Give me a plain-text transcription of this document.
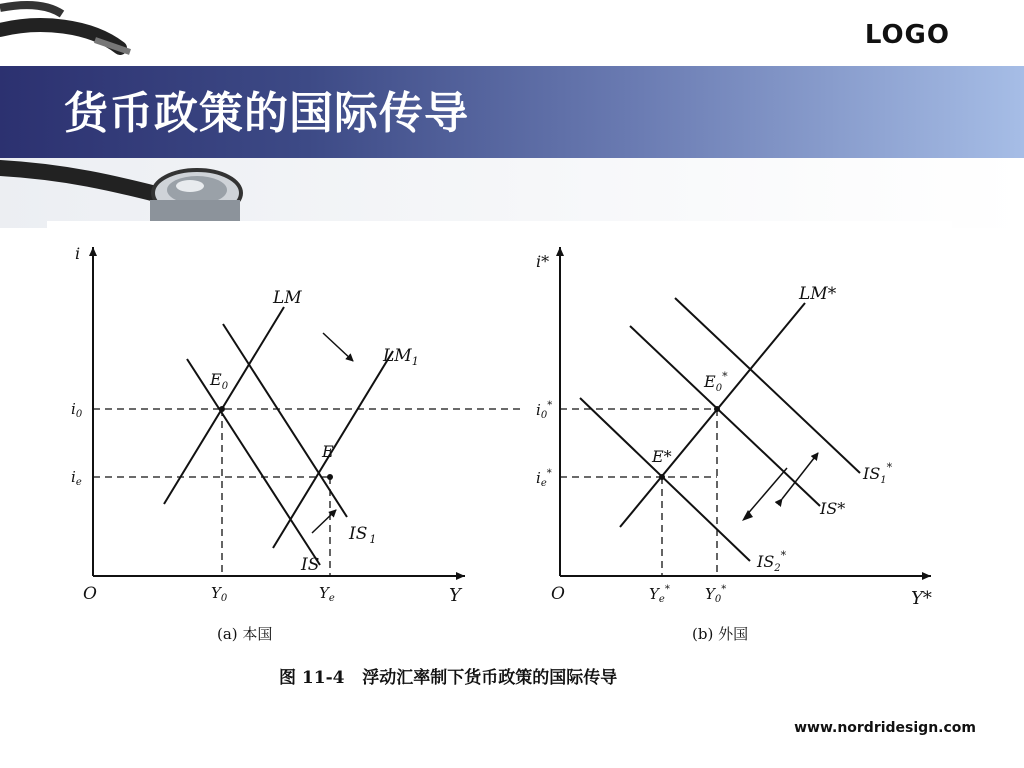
LOGO
货币政策的国际传导
i
Y
O
LM
$LM_1$
IS
IS $_1$
$E_0$
E
$i_0$
$i_e$
$Y_0$	$Y_e$
(a) 本国
i*
Y*
O
LM*
$IS_1^*$
IS*
$IS_2^*$
$E_0^*$
E*
$i_0^*$
$i_e^*$
$Y_e^*$ $Y_0^*$
(b) 外国
图 11-4   浮动汇率制下货币政策的国际传导
www.nordridesign.com
